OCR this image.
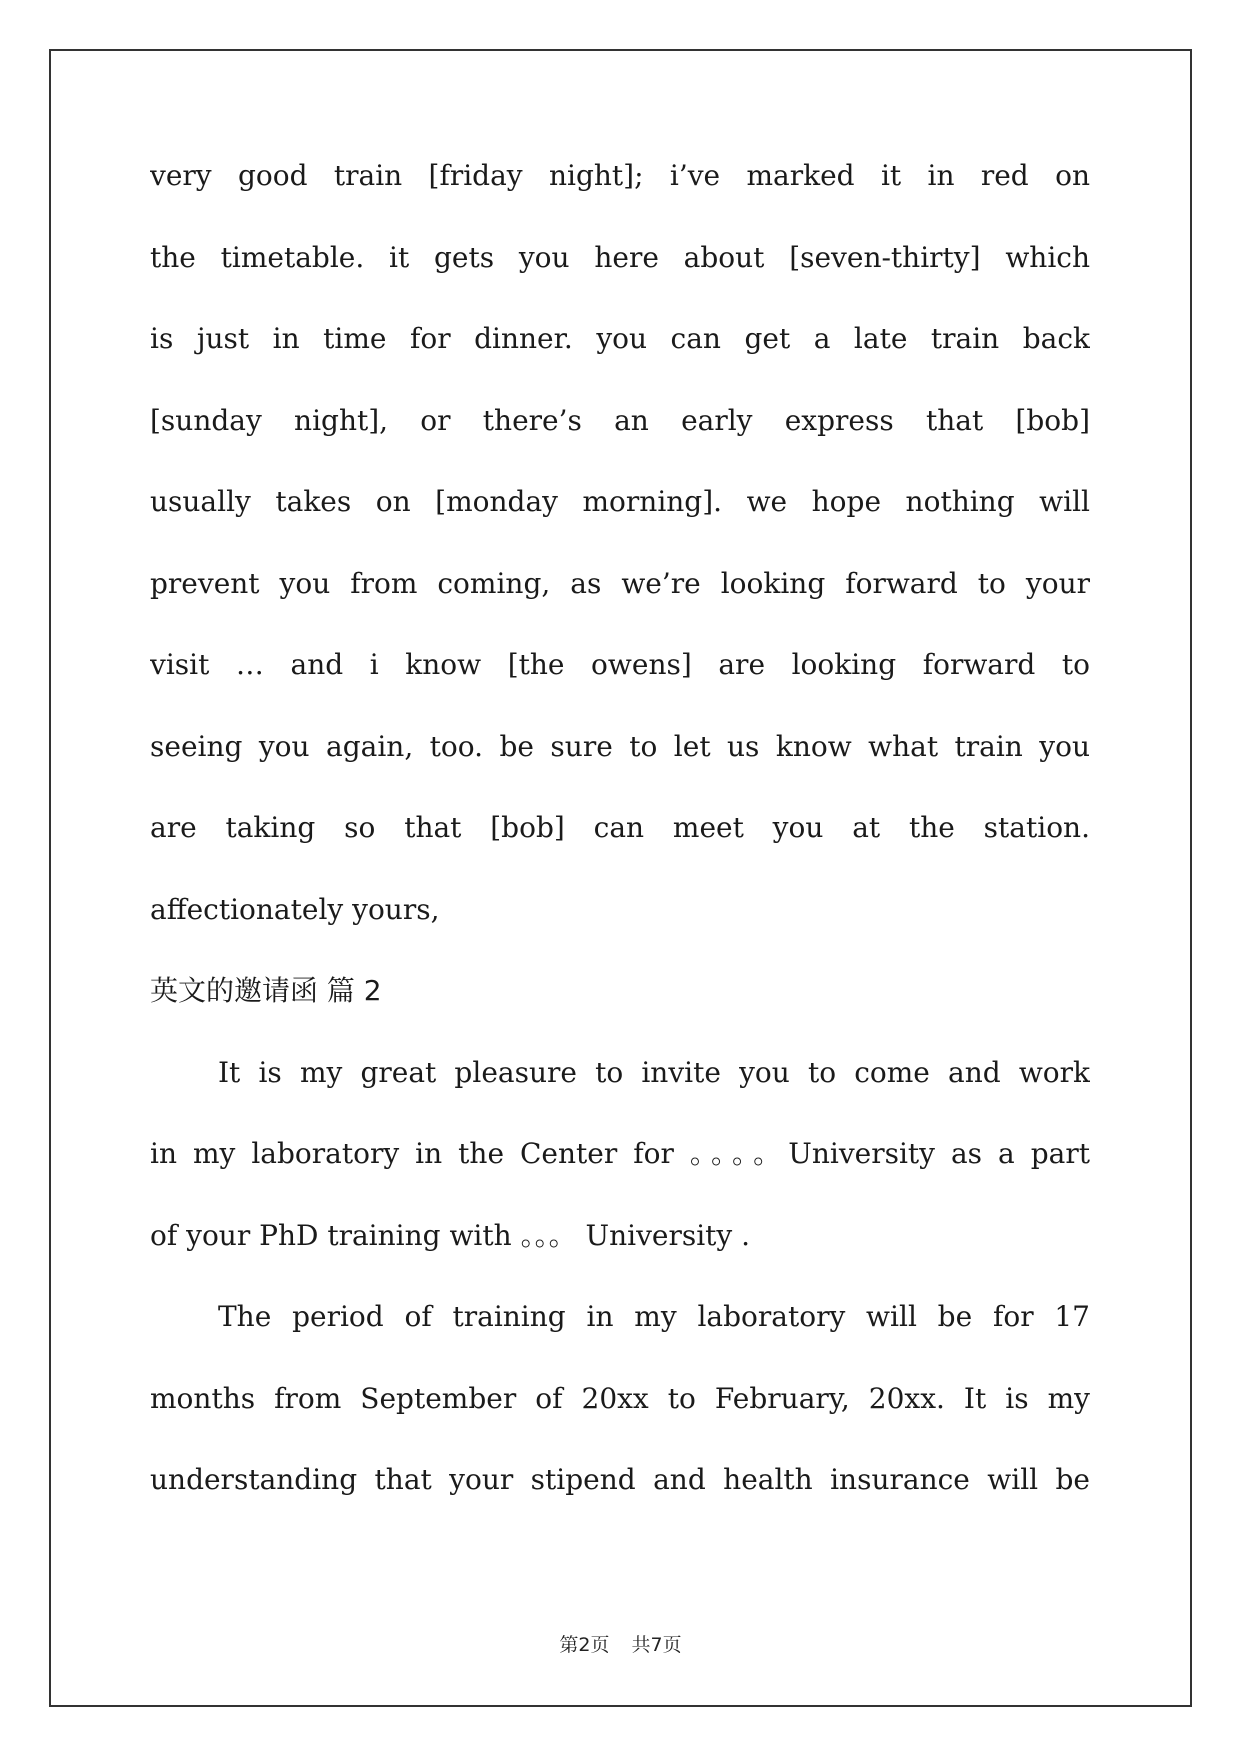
very good train [friday night]; i’ve marked it in red on
the timetable. it gets you here about [seven-thirty] which
is just in time for dinner. you can get a late train back
[sunday night], or there’s an early express that [bob]
usually takes on [monday morning]. we hope nothing will
prevent you from coming, as we’re looking forward to your
visit … and i know [the owens] are looking forward to
seeing you again, too. be sure to let us know what train you
are taking so that [bob] can meet you at the station.
affectionately yours,
英文的邀请函 篇 2
It is my great pleasure to invite you to come and work
in my laboratory in the Center for 。。。。University as a part
of your PhD training with 。。。 University .
The period of training in my laboratory will be for 17
months from September of 20xx to February, 20xx. It is my
understanding that your stipend and health insurance will be
第2页 共7页
